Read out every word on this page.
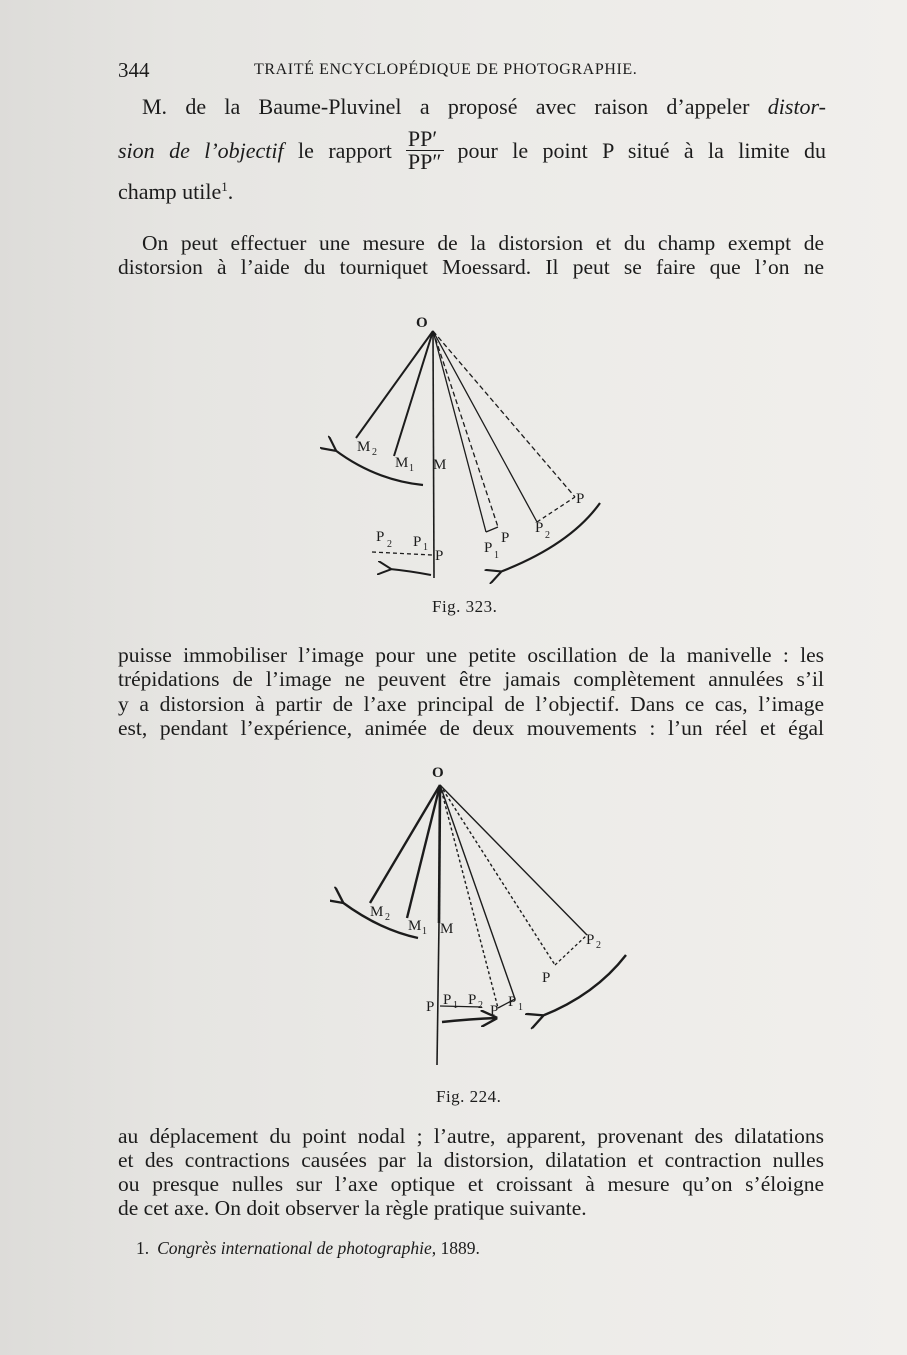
344	TRAITÉ ENCYCLOPÉDIQUE DE PHOTOGRAPHIE.
M. de la Baume-Pluvinel a proposé avec raison d’appeler distor-
sion de l’objectif le rapport $\frac{PP'}{PP''}$ pour le point P situé à la limite du
champ utile$^1$.
On peut effectuer une mesure de la distorsion et du champ exempt de
distorsion à l’aide du tourniquet Moessard. Il peut se faire que l’on ne
O
M 2
M 1 M
P
P 2
P
P 1
P 2 P 1
P
Fig. 323.
puisse immobiliser l’image pour une petite oscillation de la manivelle : les
trépidations de l’image ne peuvent être jamais complètement annulées s’il
y a distorsion à partir de l’axe principal de l’objectif. Dans ce cas, l’image
est, pendant l’expérience, animée de deux mouvements : l’un réel et égal
O
M 2
M 1 M
P 2
P
P P 1 P 2 P
P 1
Fig. 224.
au déplacement du point nodal ; l’autre, apparent, provenant des dilatations
et des contractions causées par la distorsion, dilatation et contraction nulles
ou presque nulles sur l’axe optique et croissant à mesure qu’on s’éloigne
de cet axe. On doit observer la règle pratique suivante.
1. Congrès international de photographie, 1889.
